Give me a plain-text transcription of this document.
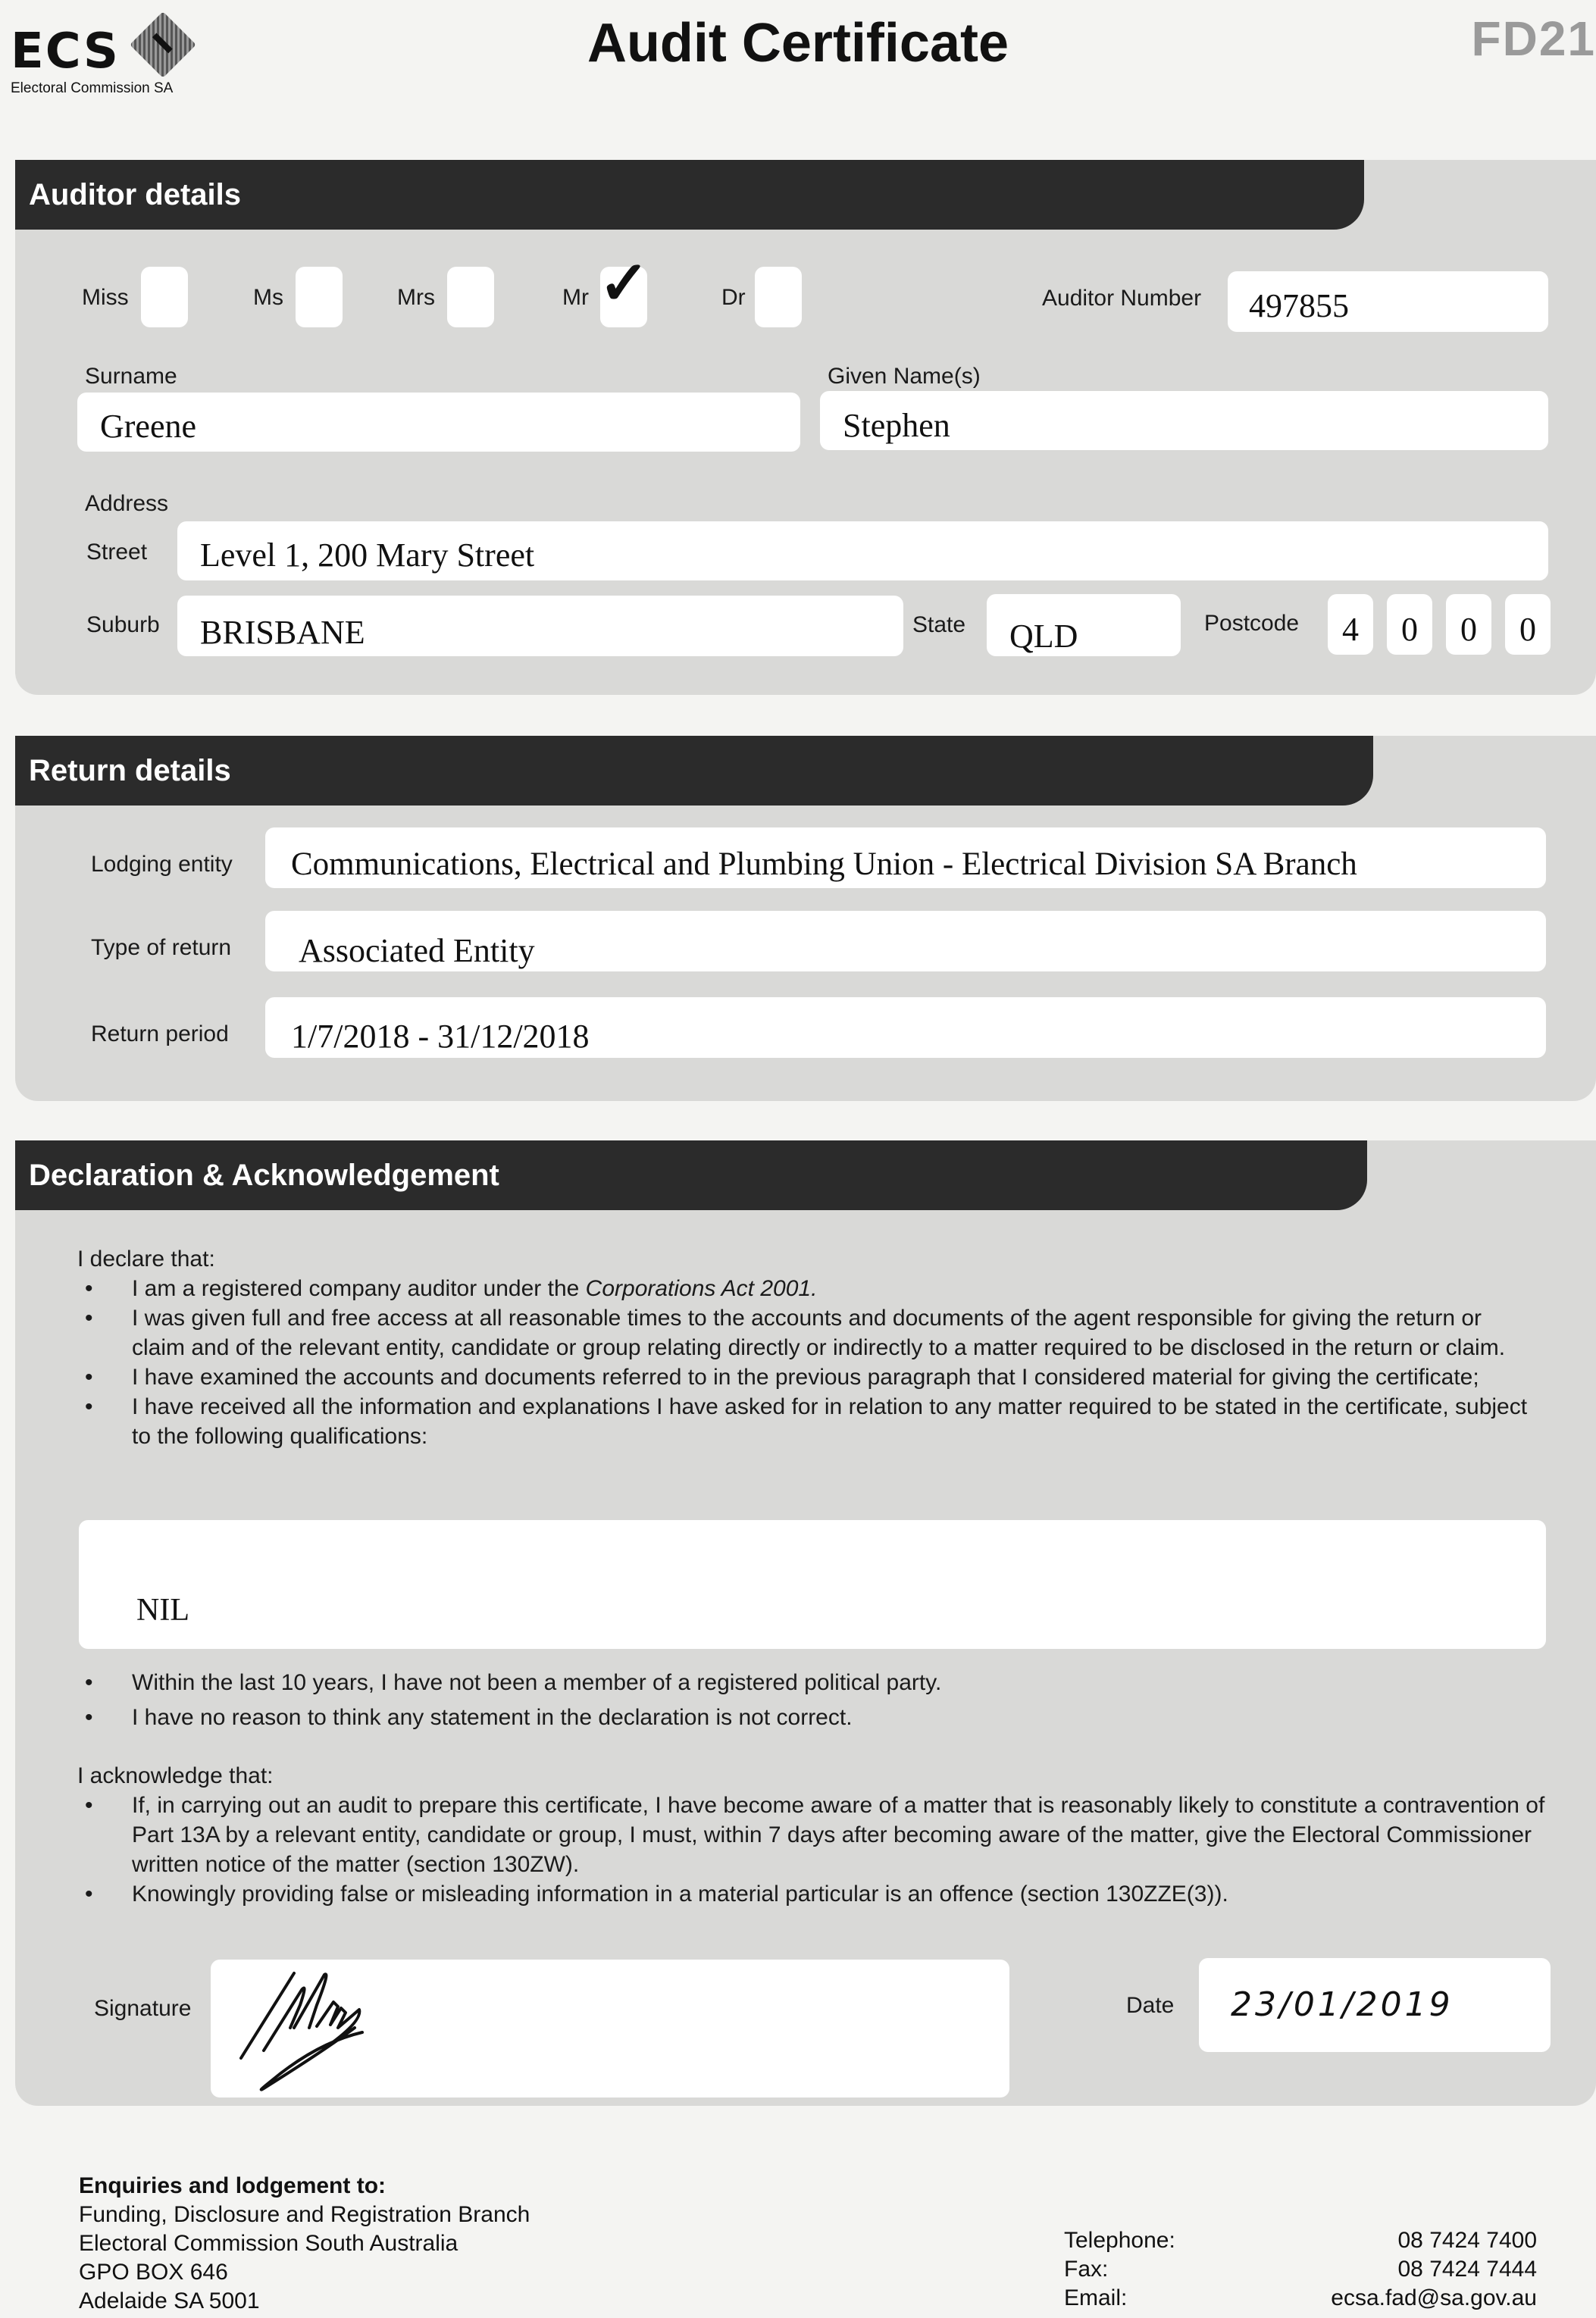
ECS
Electoral Commission SA
Audit Certificate	FD21
Auditor details
Miss	Ms	Mrs	Mr ✓	Dr	Auditor Number	497855
Surname
Greene
Given Name(s)
Stephen
Address
Street	Level 1, 200 Mary Street
Suburb	BRISBANE	State	QLD	Postcode	4	0	0	0
Return details
Lodging entity	Communications, Electrical and Plumbing Union - Electrical Division SA Branch
Type of return	Associated Entity
Return period	1/7/2018 - 31/12/2018
Declaration & Acknowledgement

I declare that:

• I am a registered company auditor under the Corporations Act 2001.
• I was given full and free access at all reasonable times to the accounts and documents of the agent responsible for giving the return or claim and of the relevant entity, candidate or group relating directly or indirectly to a matter required to be disclosed in the return or claim.
• I have examined the accounts and documents referred to in the previous paragraph that I considered material for giving the certificate;
• I have received all the information and explanations I have asked for in relation to any matter required to be stated in the certificate, subject to the following qualifications:
NIL
• Within the last 10 years, I have not been a member of a registered political party.
• I have no reason to think any statement in the declaration is not correct.

I acknowledge that:

• If, in carrying out an audit to prepare this certificate, I have become aware of a matter that is reasonably likely to constitute a contravention of Part 13A by a relevant entity, candidate or group, I must, within 7 days after becoming aware of the matter, give the Electoral Commissioner written notice of the matter (section 130ZW).
• Knowingly providing false or misleading information in a material particular is an offence (section 130ZZE(3)).
Signature	Date	23/01/2019
Enquiries and lodgement to:
Funding, Disclosure and Registration Branch
Electoral Commission South Australia
GPO BOX 646
Adelaide SA 5001
Telephone:	08 7424 7400
Fax:	08 7424 7444
Email:	ecsa.fad@sa.gov.au
